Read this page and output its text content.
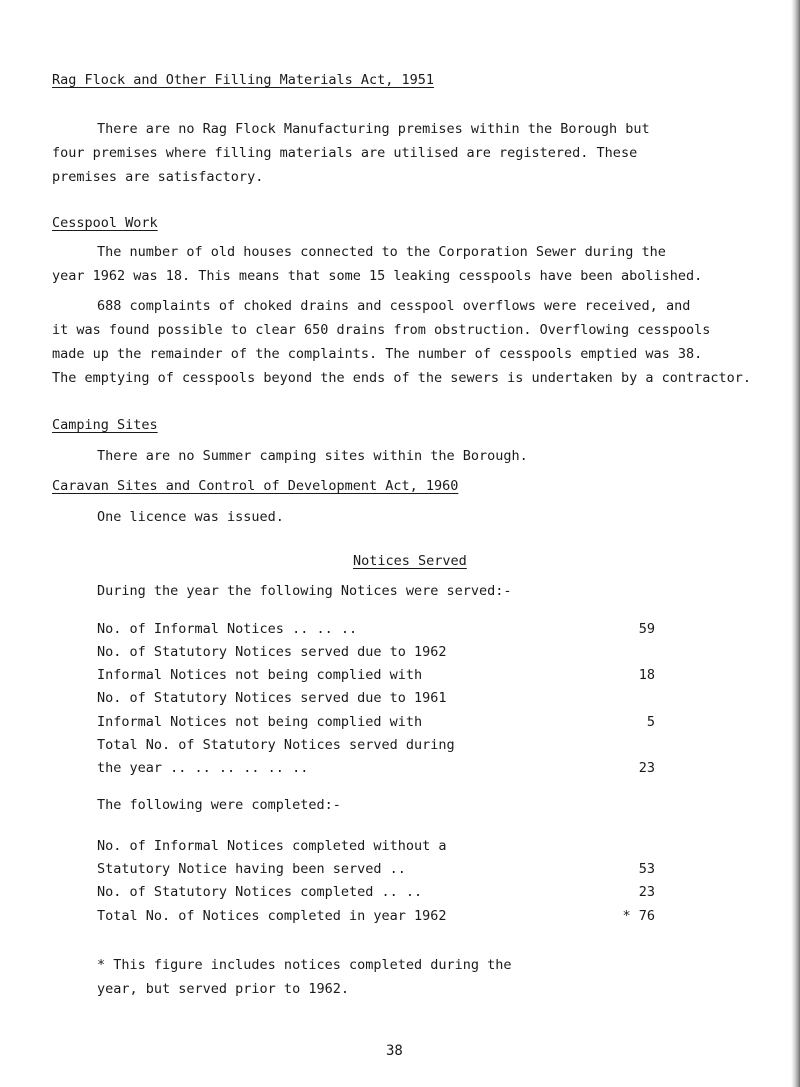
Rag Flock and Other Filling Materials Act, 1951
There are no Rag Flock Manufacturing premises within the Borough but
four premises where filling materials are utilised are registered. These
premises are satisfactory.
Cesspool Work
The number of old houses connected to the Corporation Sewer during the
year 1962 was 18. This means that some 15 leaking cesspools have been abolished.
688 complaints of choked drains and cesspool overflows were received, and
it was found possible to clear 650 drains from obstruction. Overflowing cesspools
made up the remainder of the complaints. The number of cesspools emptied was 38.
The emptying of cesspools beyond the ends of the sewers is undertaken by a contractor.
Camping Sites
There are no Summer camping sites within the Borough.
Caravan Sites and Control of Development Act, 1960
One licence was issued.
Notices Served
During the year the following Notices were served:-
No. of Informal Notices .. .. ..	59
No. of Statutory Notices served due to 1962
Informal Notices not being complied with	18
No. of Statutory Notices served due to 1961
Informal Notices not being complied with	5
Total No. of Statutory Notices served during
the year .. .. .. .. .. ..	23
The following were completed:-
No. of Informal Notices completed without a
Statutory Notice having been served ..	53
No. of Statutory Notices completed .. ..	23
Total No. of Notices completed in year 1962	* 76
* This figure includes notices completed during the
year, but served prior to 1962.
38
